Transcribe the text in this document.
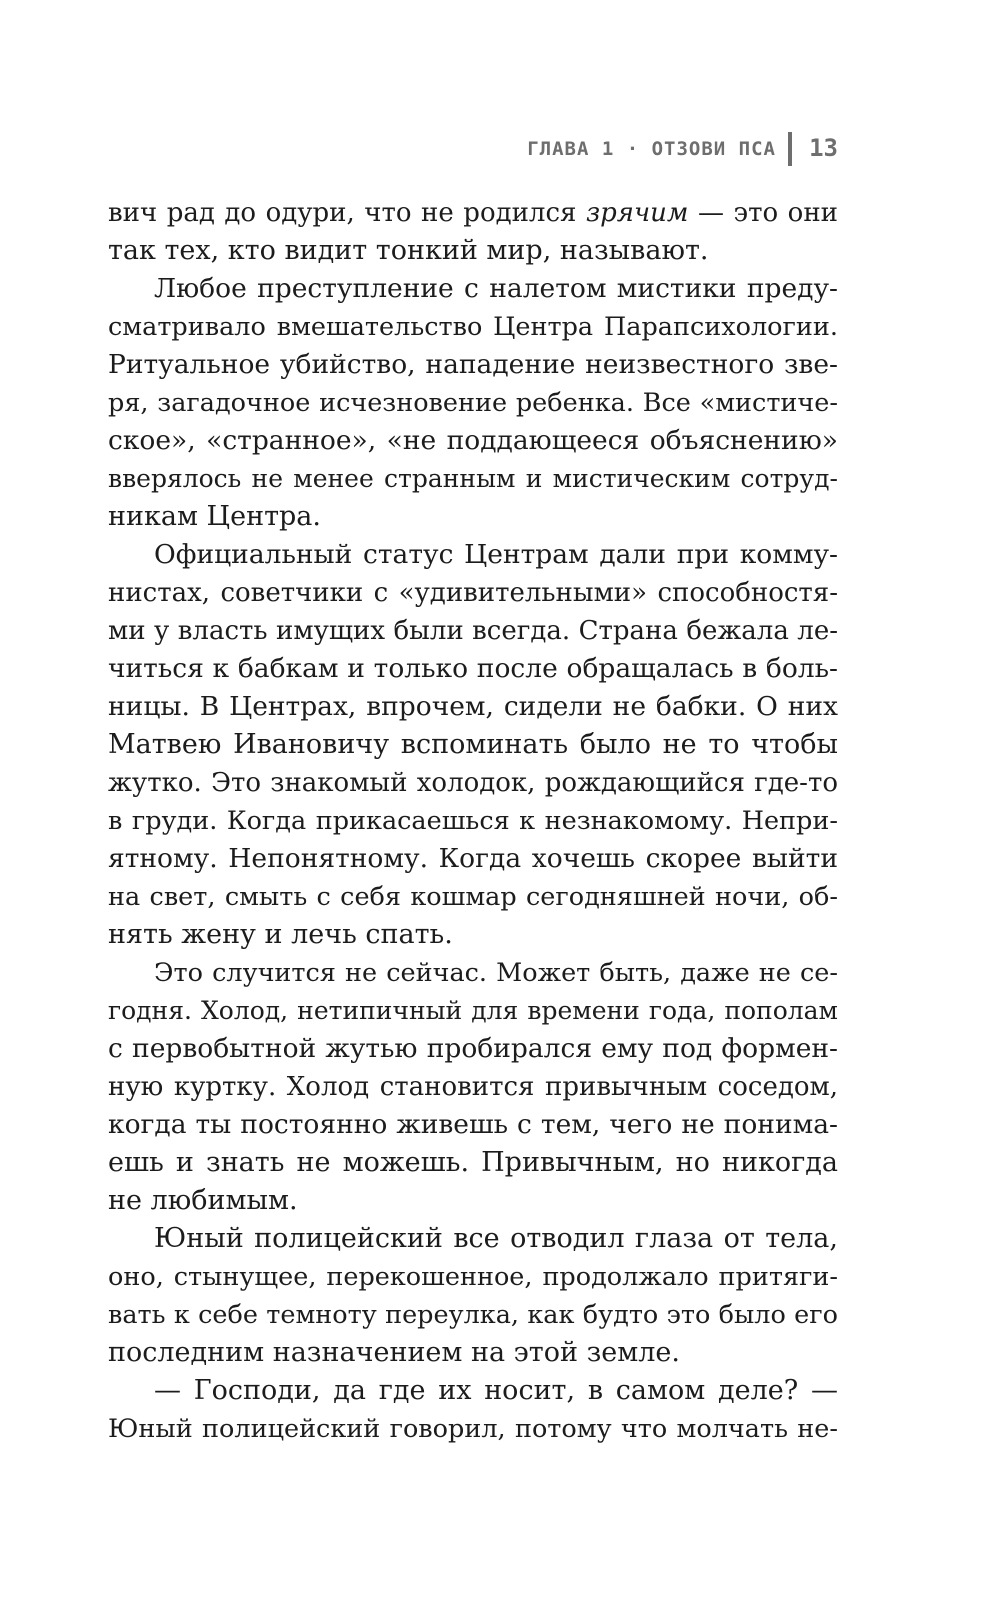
ГЛАВА 1 · ОТЗОВИ ПСА 13
вич рад до одури, что не родился зрячим — это они
так тех, кто видит тонкий мир, называют.
Любое преступление с налетом мистики преду-
сматривало вмешательство Центра Парапсихологии.
Ритуальное убийство, нападение неизвестного зве-
ря, загадочное исчезновение ребенка. Все «мистиче-
ское», «странное», «не поддающееся объяснению»
вверялось не менее странным и мистическим сотруд-
никам Центра.
Официальный статус Центрам дали при комму-
нистах, советчики с «удивительными» способностя-
ми у власть имущих были всегда. Страна бежала ле-
читься к бабкам и только после обращалась в боль-
ницы. В Центрах, впрочем, сидели не бабки. О них
Матвею Ивановичу вспоминать было не то чтобы
жутко. Это знакомый холодок, рождающийся где-то
в груди. Когда прикасаешься к незнакомому. Непри-
ятному. Непонятному. Когда хочешь скорее выйти
на свет, смыть с себя кошмар сегодняшней ночи, об-
нять жену и лечь спать.
Это случится не сейчас. Может быть, даже не се-
годня. Холод, нетипичный для времени года, пополам
с первобытной жутью пробирался ему под формен-
ную куртку. Холод становится привычным соседом,
когда ты постоянно живешь с тем, чего не понима-
ешь и знать не можешь. Привычным, но никогда
не любимым.
Юный полицейский все отводил глаза от тела,
оно, стынущее, перекошенное, продолжало притяги-
вать к себе темноту переулка, как будто это было его
последним назначением на этой земле.
— Господи, да где их носит, в самом деле? —
Юный полицейский говорил, потому что молчать не-
